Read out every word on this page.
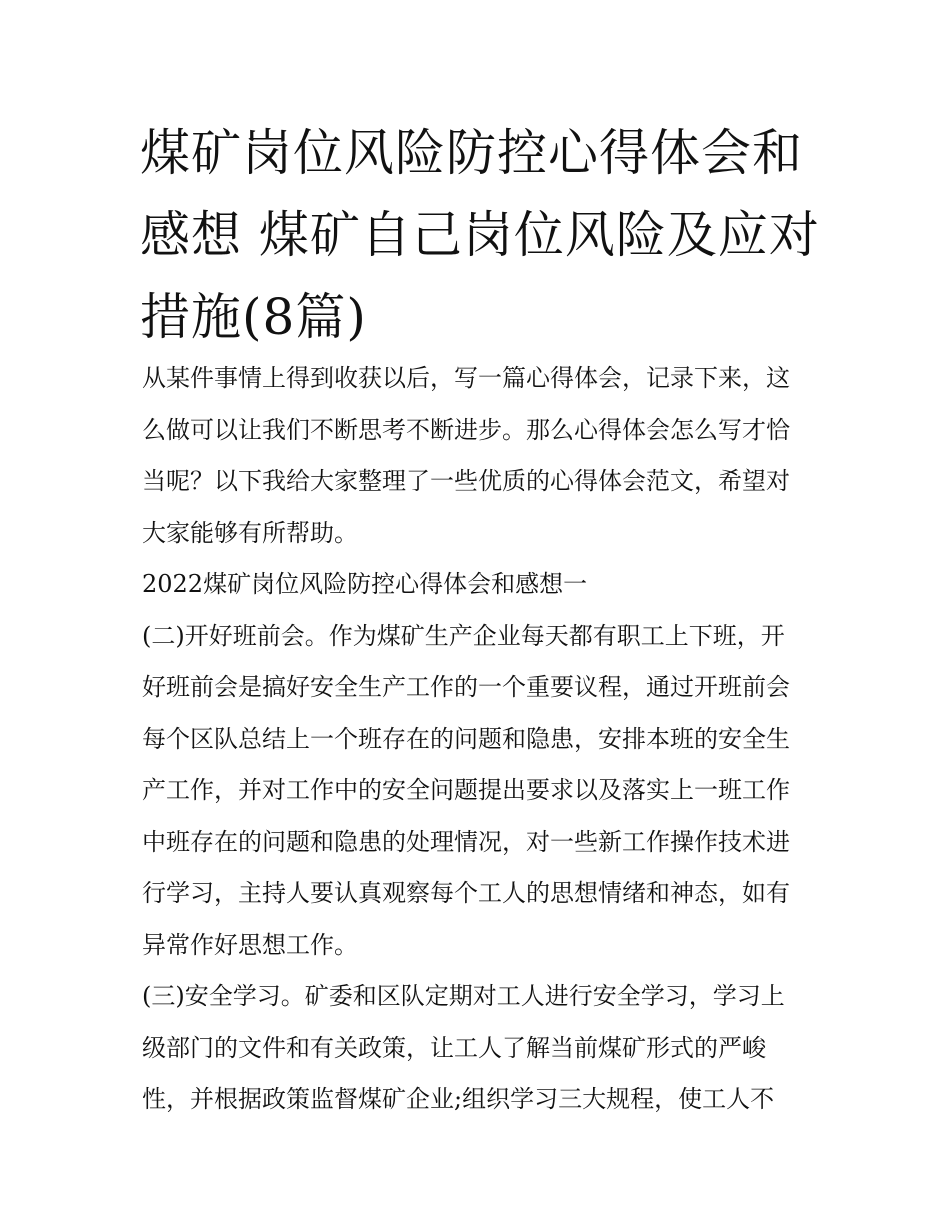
煤矿岗位风险防控心得体会和
感想 煤矿自己岗位风险及应对
措施(8篇)
从某件事情上得到收获以后，写一篇心得体会，记录下来，这
么做可以让我们不断思考不断进步。那么心得体会怎么写才恰
当呢？以下我给大家整理了一些优质的心得体会范文，希望对
大家能够有所帮助。
2022煤矿岗位风险防控心得体会和感想一
(二)开好班前会。作为煤矿生产企业每天都有职工上下班，开
好班前会是搞好安全生产工作的一个重要议程，通过开班前会
每个区队总结上一个班存在的问题和隐患，安排本班的安全生
产工作，并对工作中的安全问题提出要求以及落实上一班工作
中班存在的问题和隐患的处理情况，对一些新工作操作技术进
行学习，主持人要认真观察每个工人的思想情绪和神态，如有
异常作好思想工作。
(三)安全学习。矿委和区队定期对工人进行安全学习，学习上
级部门的文件和有关政策，让工人了解当前煤矿形式的严峻
性，并根据政策监督煤矿企业;组织学习三大规程，使工人不
